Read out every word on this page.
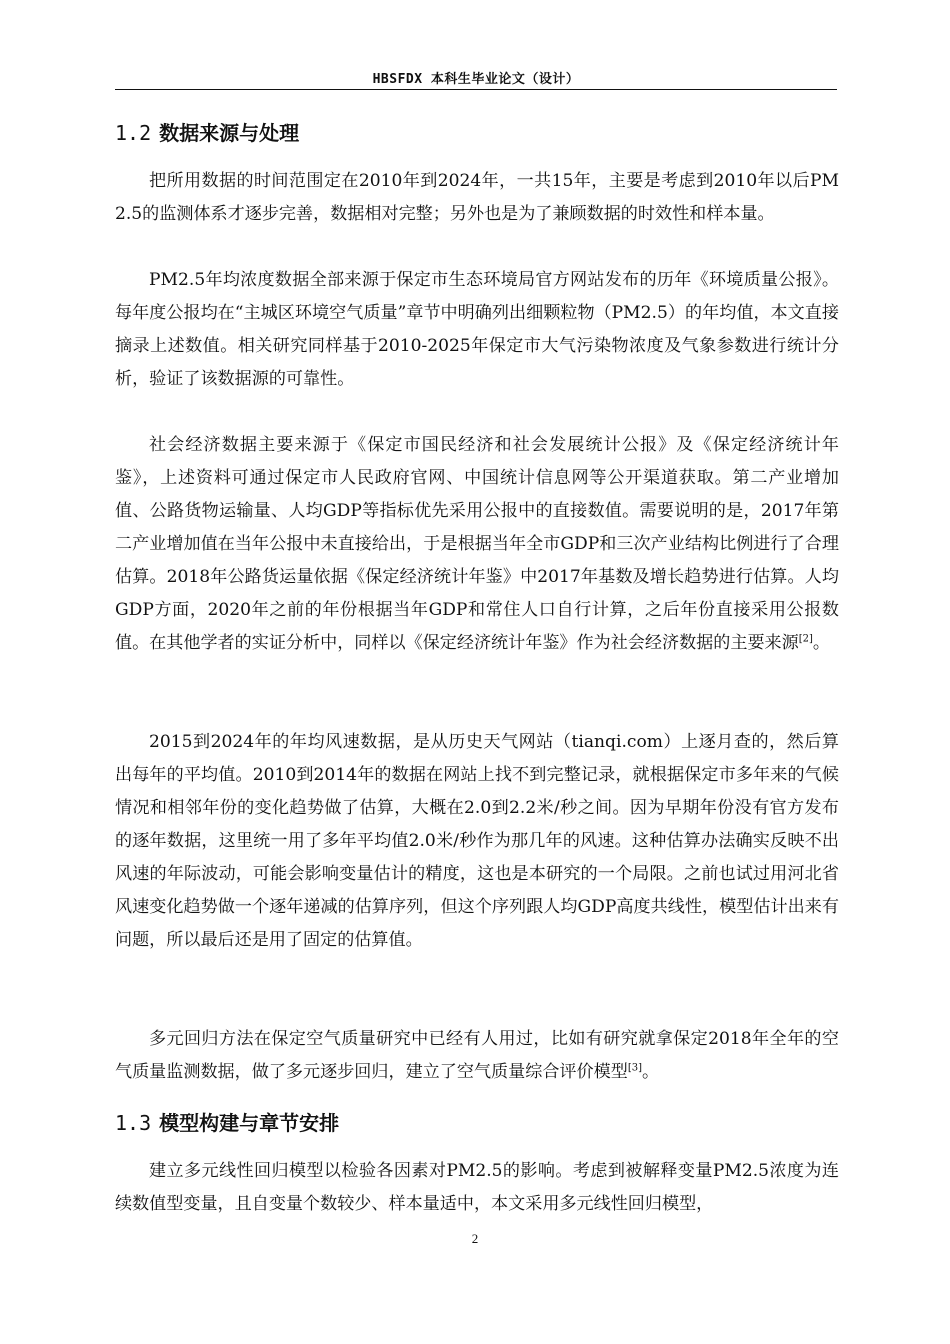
HBSFDX 本科生毕业论文（设计）
1.2 数据来源与处理

把所用数据的时间范围定在2010年到2024年，一共15年，主要是考虑到2010年以后PM2.5的监测体系才逐步完善，数据相对完整；另外也是为了兼顾数据的时效性和样本量。

PM2.5年均浓度数据全部来源于保定市生态环境局官方网站发布的历年《环境质量公报》。每年度公报均在“主城区环境空气质量”章节中明确列出细颗粒物（PM2.5）的年均值，本文直接摘录上述数值。相关研究同样基于2010-2025年保定市大气污染物浓度及气象参数进行统计分析，验证了该数据源的可靠性。

社会经济数据主要来源于《保定市国民经济和社会发展统计公报》及《保定经济统计年鉴》，上述资料可通过保定市人民政府官网、中国统计信息网等公开渠道获取。第二产业增加值、公路货物运输量、人均GDP等指标优先采用公报中的直接数值。需要说明的是，2017年第二产业增加值在当年公报中未直接给出，于是根据当年全市GDP和三次产业结构比例进行了合理估算。2018年公路货运量依据《保定经济统计年鉴》中2017年基数及增长趋势进行估算。人均GDP方面，2020年之前的年份根据当年GDP和常住人口自行计算，之后年份直接采用公报数值。在其他学者的实证分析中，同样以《保定经济统计年鉴》作为社会经济数据的主要来源[2]。

2015到2024年的年均风速数据，是从历史天气网站（tianqi.com）上逐月查的，然后算出每年的平均值。2010到2014年的数据在网站上找不到完整记录，就根据保定市多年来的气候情况和相邻年份的变化趋势做了估算，大概在2.0到2.2米/秒之间。因为早期年份没有官方发布的逐年数据，这里统一用了多年平均值2.0米/秒作为那几年的风速。这种估算办法确实反映不出风速的年际波动，可能会影响变量估计的精度，这也是本研究的一个局限。之前也试过用河北省风速变化趋势做一个逐年递减的估算序列，但这个序列跟人均GDP高度共线性，模型估计出来有问题，所以最后还是用了固定的估算值。

多元回归方法在保定空气质量研究中已经有人用过，比如有研究就拿保定2018年全年的空气质量监测数据，做了多元逐步回归，建立了空气质量综合评价模型[3]。

1.3 模型构建与章节安排

建立多元线性回归模型以检验各因素对PM2.5的影响。考虑到被解释变量PM2.5浓度为连续数值型变量，且自变量个数较少、样本量适中，本文采用多元线性回归模型，

2
